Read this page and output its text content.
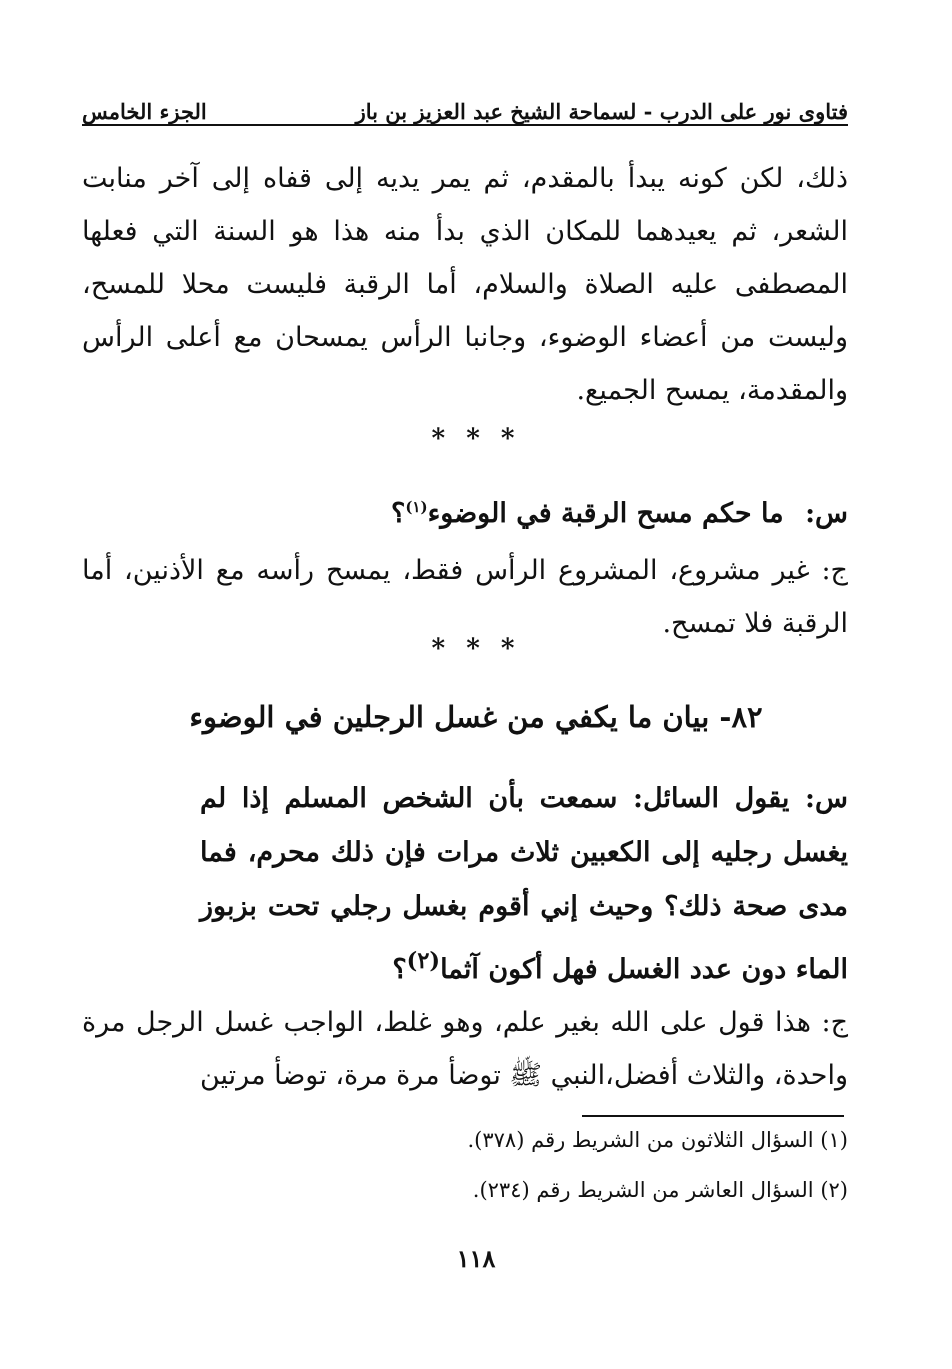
فتاوى نور على الدرب - لسماحة الشيخ عبد العزيز بن باز
الجزء الخامس
ذلك، لكن كونه يبدأ بالمقدم، ثم يمر يديه إلى قفاه إلى آخر منابت الشعر، ثم يعيدهما للمكان الذي بدأ منه هذا هو السنة التي فعلها المصطفى عليه الصلاة والسلام، أما الرقبة فليست محلا للمسح، وليست من أعضاء الوضوء، وجانبا الرأس يمسحان مع أعلى الرأس والمقدمة، يمسح الجميع.
* * *
س: ما حكم مسح الرقبة في الوضوء$^{(١)}$؟
ج: غير مشروع، المشروع الرأس فقط، يمسح رأسه مع الأذنين، أما الرقبة فلا تمسح.
* * *
٨٢- بيان ما يكفي من غسل الرجلين في الوضوء
س: يقول السائل: سمعت بأن الشخص المسلم إذا لم يغسل رجليه إلى الكعبين ثلاث مرات فإن ذلك محرم، فما مدى صحة ذلك؟ وحيث إني أقوم بغسل رجلي تحت بزبوز الماء دون عدد الغسل فهل أكون آثما$^{(٢)}$؟
ج: هذا قول على الله بغير علم، وهو غلط، الواجب غسل الرجل مرة واحدة، والثلاث أفضل،النبي ﷺ توضأ مرة مرة، توضأ مرتين
(١) السؤال الثلاثون من الشريط رقم (٣٧٨).
(٢) السؤال العاشر من الشريط رقم (٢٣٤).
١١٨
